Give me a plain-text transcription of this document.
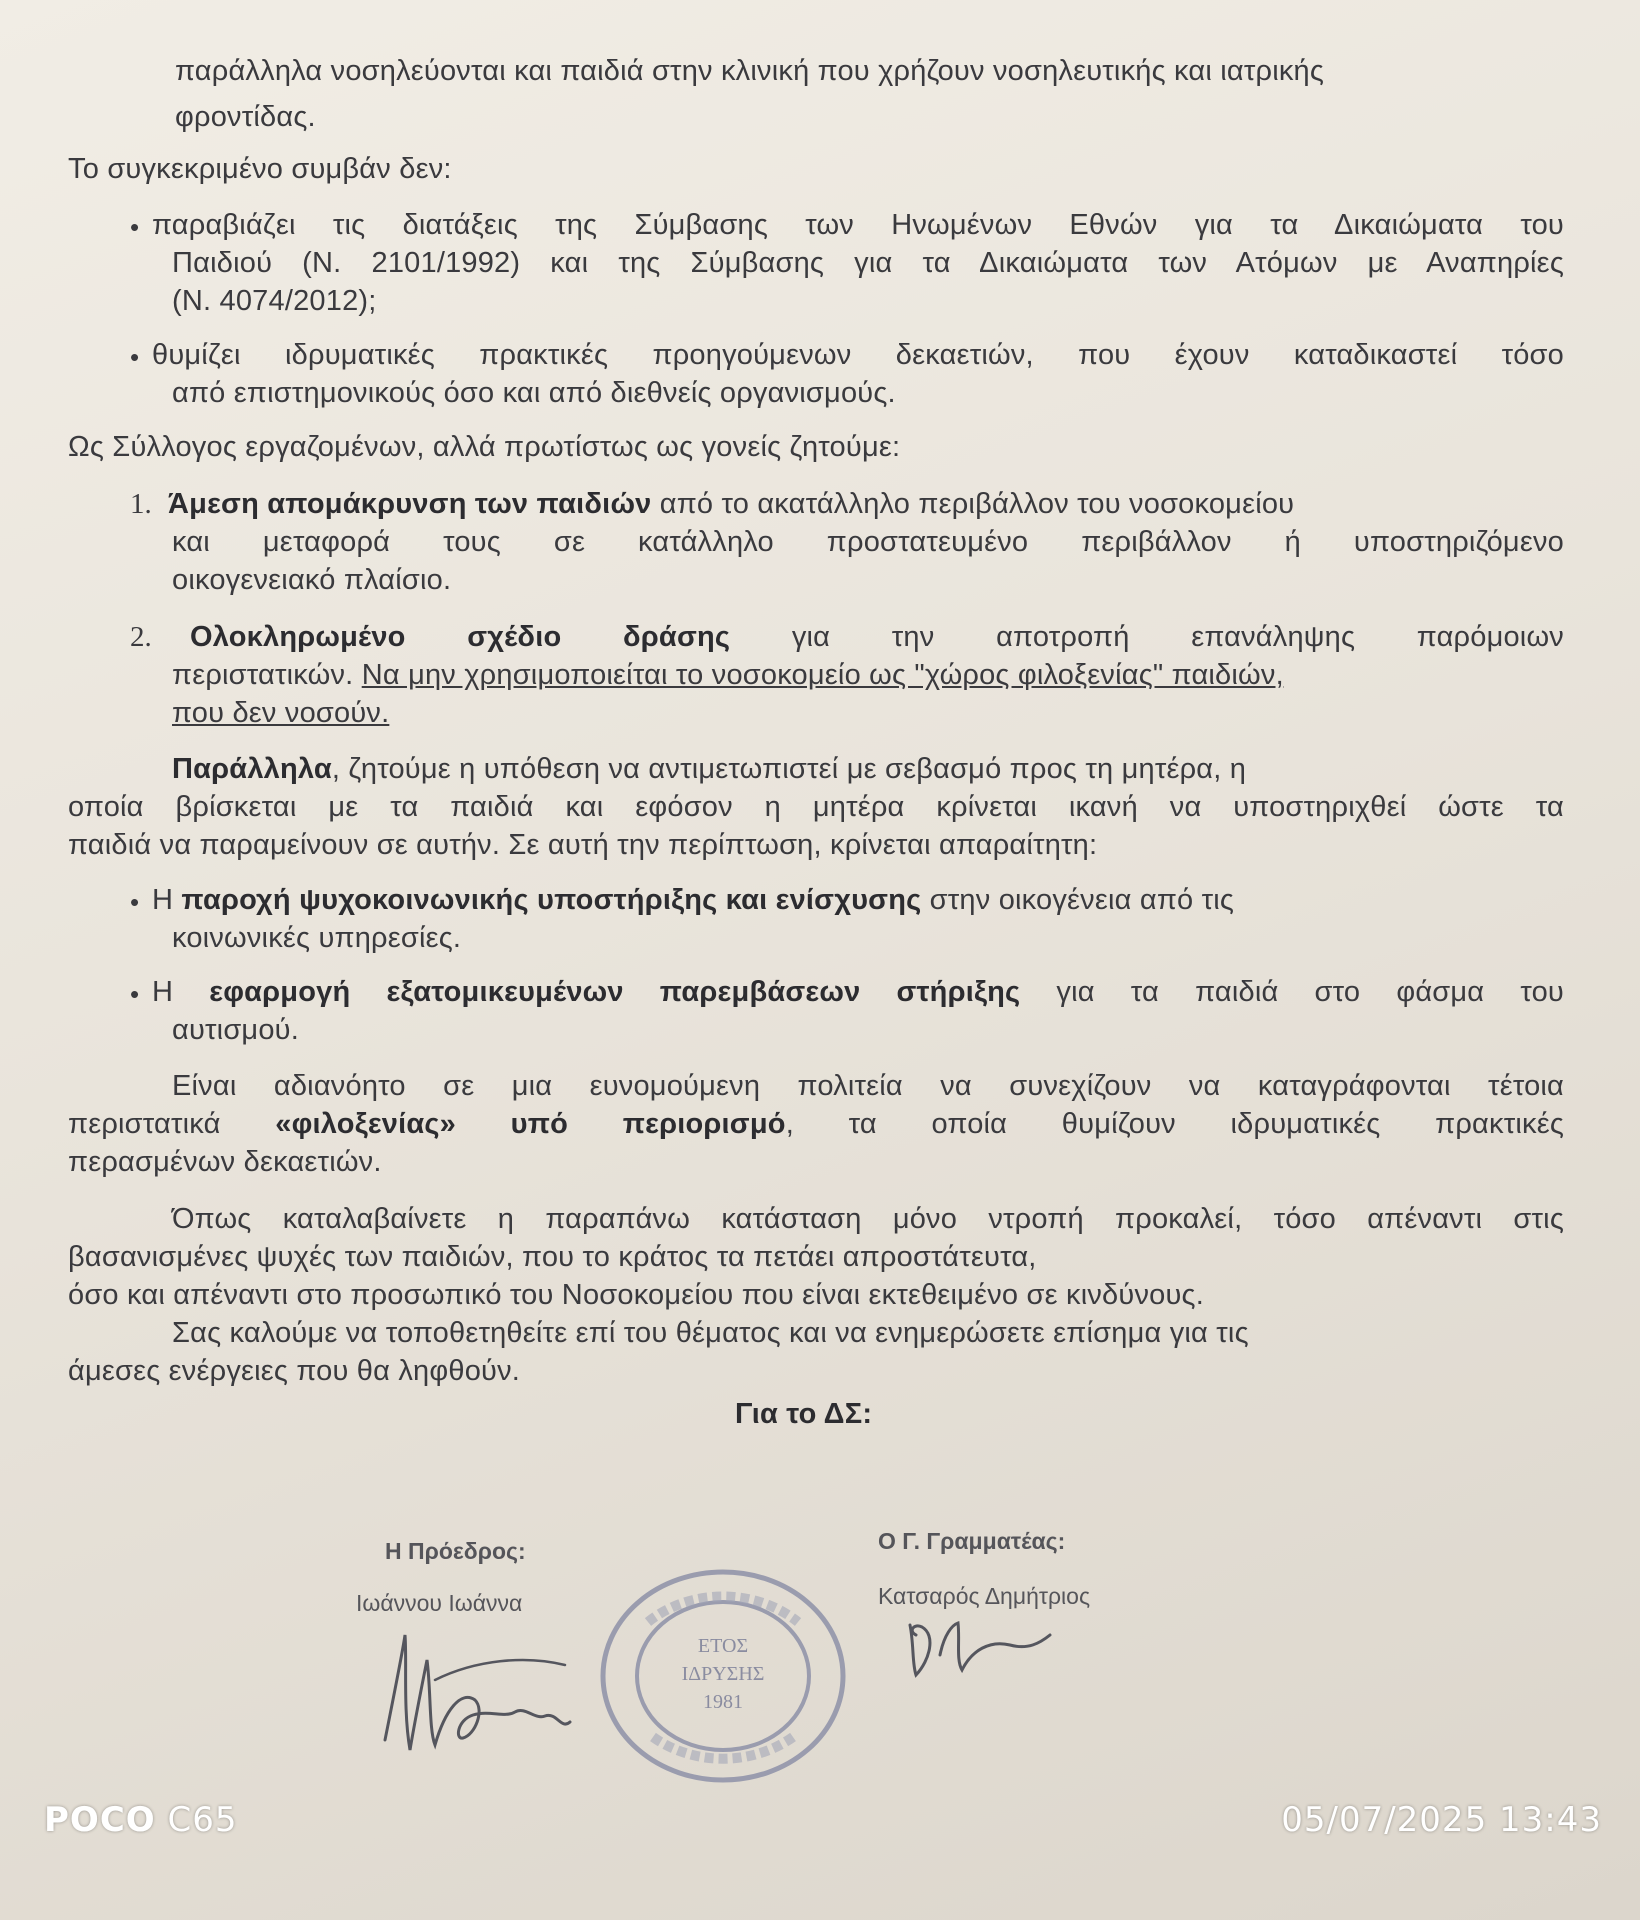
παράλληλα νοσηλεύονται και παιδιά στην κλινική που χρήζουν νοσηλευτικής και ιατρικής
φροντίδας.
Το συγκεκριμένο συμβάν δεν:
• παραβιάζει τις διατάξεις της Σύμβασης των Ηνωμένων Εθνών για τα Δικαιώματα του
Παιδιού (Ν. 2101/1992) και της Σύμβασης για τα Δικαιώματα των Ατόμων με Αναπηρίες
(Ν. 4074/2012);
• θυμίζει ιδρυματικές πρακτικές προηγούμενων δεκαετιών, που έχουν καταδικαστεί τόσο
από επιστημονικούς όσο και από διεθνείς οργανισμούς.
Ως Σύλλογος εργαζομένων, αλλά πρωτίστως ως γονείς ζητούμε:
1. Άμεση απομάκρυνση των παιδιών από το ακατάλληλο περιβάλλον του νοσοκομείου
και μεταφορά τους σε κατάλληλο προστατευμένο περιβάλλον ή υποστηριζόμενο
οικογενειακό πλαίσιο.
2. Ολοκληρωμένο σχέδιο δράσης για την αποτροπή επανάληψης παρόμοιων
περιστατικών. Να μην χρησιμοποιείται το νοσοκομείο ως "χώρος φιλοξενίας" παιδιών,
που δεν νοσούν.
Παράλληλα, ζητούμε η υπόθεση να αντιμετωπιστεί με σεβασμό προς τη μητέρα, η
οποία βρίσκεται με τα παιδιά και εφόσον η μητέρα κρίνεται ικανή να υποστηριχθεί ώστε τα
παιδιά να παραμείνουν σε αυτήν. Σε αυτή την περίπτωση, κρίνεται απαραίτητη:
• Η παροχή ψυχοκοινωνικής υποστήριξης και ενίσχυσης στην οικογένεια από τις
κοινωνικές υπηρεσίες.
• Η εφαρμογή εξατομικευμένων παρεμβάσεων στήριξης για τα παιδιά στο φάσμα του
αυτισμού.
Είναι αδιανόητο σε μια ευνομούμενη πολιτεία να συνεχίζουν να καταγράφονται τέτοια
περιστατικά «φιλοξενίας» υπό περιορισμό, τα οποία θυμίζουν ιδρυματικές πρακτικές
περασμένων δεκαετιών.
Όπως καταλαβαίνετε η παραπάνω κατάσταση μόνο ντροπή προκαλεί, τόσο απέναντι στις
βασανισμένες ψυχές των παιδιών, που το κράτος τα πετάει απροστάτευτα,
όσο και απέναντι στο προσωπικό του Νοσοκομείου που είναι εκτεθειμένο σε κινδύνους.
Σας καλούμε να τοποθετηθείτε επί του θέματος και να ενημερώσετε επίσημα για τις
άμεσες ενέργειες που θα ληφθούν.
Για το ΔΣ:
Η Πρόεδρος:
Ιωάννου Ιωάννα
Ο Γ. Γραμματέας:
Κατσαρός Δημήτριος
ΕΤΟΣ
ΙΔΡΥΣΗΣ
1981
POCO C65	05/07/2025 13:43
